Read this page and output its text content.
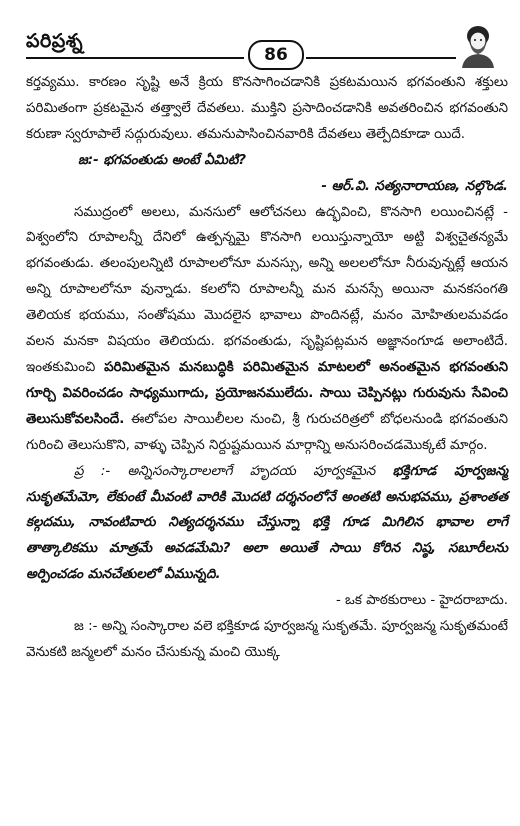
పరిప్రశ్న
86

కర్తవ్యము. కారణం సృష్టి అనే క్రియ కొనసాగించడానికి ప్రకటమయిన భగవంతుని శక్తులు పరిమితంగా ప్రకటమైన తత్త్వాలే దేవతలు. ముక్తిని ప్రసాదించడానికి అవతరించిన భగవంతుని కరుణా స్వరూపాలే సద్గురువులు. తమనుపాసించినవారికి దేవతలు తెల్పేదికూడా యిదే.

జ:- భగవంతుడు అంటే ఏమిటి?

- ఆర్.వి. సత్యనారాయణ, నల్గొండ.

సముద్రంలో అలలు, మనసులో ఆలోచనలు ఉద్భవించి, కొనసాగి లయించినట్లే - విశ్వంలోని రూపాలన్నీ దేనిలో ఉత్పన్నమై కొనసాగి లయిస్తున్నాయో అట్టి విశ్వచైతన్యమే భగవంతుడు. తలంపులన్నిటి రూపాలలోనూ మనస్సు, అన్ని అలలలోనూ నీరువున్నట్లే ఆయన అన్ని రూపాలలోనూ వున్నాడు. కలలోని రూపాలన్నీ మన మనస్సే అయినా మనకసంగతి తెలియక భయము, సంతోషము మొదలైన భావాలు పొందినట్లే, మనం మోహితులమవడం వలన మనకా విషయం తెలియదు. భగవంతుడు, సృష్టిపట్లమన అజ్ఞానంగూడ అలాంటిదే. ఇంతకుమించి పరిమితమైన మనబుద్ధికి పరిమితమైన మాటలలో అనంతమైన భగవంతుని గూర్చి వివరించడం సాధ్యముగాదు, ప్రయోజనములేదు. సాయి చెప్పినట్లు గురువును సేవించి తెలుసుకోవలసిందే. ఈలోపల సాయిలీలల నుంచి, శ్రీ గురుచరిత్రలో బోధలనుండి భగవంతుని గురించి తెలుసుకొని, వాళ్ళు చెప్పిన నిర్దుష్టమయిన మార్గాన్ని అనుసరించడమొక్కటే మార్గం.

ప్ర :- అన్నిసంస్కారాలలాగే హృదయ పూర్వకమైన భక్తిగూడ పూర్వజన్మ సుకృతమేమో, లేకుంటే మీవంటి వారికి మొదటి దర్శనంలోనే అంతటి అనుభవము, ప్రశాంతత కల్గదము, నావంటివారు నిత్యదర్శనము చేస్తున్నా భక్తి గూడ మిగిలిన భావాల లాగే తాత్కాలికము మాత్రమే అవడమేమి? అలా అయితే సాయి కోరిన నిష్ఠ, సబూరీలను అర్పించడం మనచేతులలో ఏమున్నది.

- ఒక పాఠకురాలు - హైదరాబాదు.

జ :- అన్ని సంస్కారాల వలె భక్తికూడ పూర్వజన్మ సుకృతమే. పూర్వజన్మ సుకృతమంటే వెనుకటి జన్మలలో మనం చేసుకున్న మంచి యొక్క
